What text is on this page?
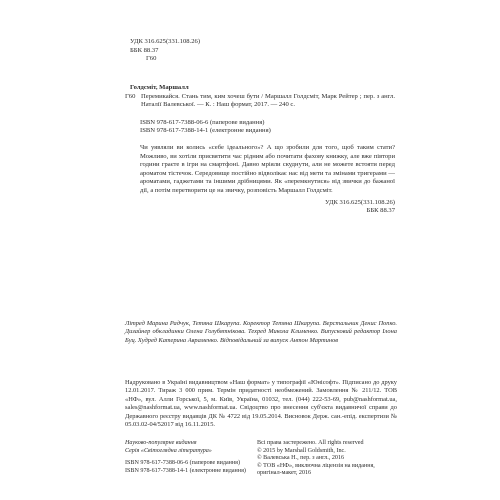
УДК 316.625(331.108.26)
ББК 88.37
Г60
Голдсміт, Маршалл
Г60 Перемикайся. Стань тим, ким хочеш бути / Маршалл Голдсміт, Марк Рейтер ; пер. з англ. Наталії Валевської. — К. : Наш формат, 2017. — 240 с.
ISBN 978-617-7388-06-6 (паперове видання)
ISBN 978-617-7388-14-1 (електронне видання)

Чи уявляли ви колись «себе ідеального»? А що зробили для того, щоб таким стати? Можливо, ви хотіли присвятити час рідним або почитати фахову книжку, але вже півтори години граєте в ігри на смартфоні. Давно мріяли скуднути, али не можете встояти перед ароматом тістечок. Середовище постійно відволікає нас від мети та змінами тригерами — ароматами, гаджетами та іншими дрібницями. Як «перемкнутися» від звички до бажаної дії, а потім перетворити це на звичку, розповість Маршалл Голдсміт.

УДК 316.625(331.108.26)
ББК 88.37
Літред Марина Радчук, Тетяна Шкарупа. Коректор Тетяна Шкарупа. Верстальник Денис Попко. Дизайнер обкладинки Олена Голубятнікова. Техред Микола Клименко. Випусковий редактор Ілона Буц. Худред Катерина Авраменко. Відповідальний за випуск Антон Мартинов
Надруковано в Україні видавництвом «Наш формат» у типографії «Юнісофт». Підписано до друку 12.01.2017. Тираж 3 000 прим. Термін придатності необмежений. Замовлення № 211/12. ТОВ «НФ», вул. Алли Горської, 5, м. Київ, Україна, 01032, тел. (044) 222-53-69, pub@nashformat.ua, sales@nashformat.ua, www.nashformat.ua. Свідоцтво про внесення суб'єкта видавничої справи до Державного реєстру видавців ДК № 4722 від 19.05.2014. Висновок Держ. сан.-епід. експертизи № 05.03.02-04/52017 від 16.11.2015.
Науково-популярне видання
Серія «Світоглядна література»
ISBN 978-617-7388-06-6 (паперове видання)
ISBN 978-617-7388-14-1 (електронне видання)
Всі права застережено. All rights reserved
© 2015 by Marshall Goldsmith, Inc.
© Валевська Н., пер. з англ., 2016
© ТОВ «НФ», виключна ліцензія на видання, оригінал-макет, 2016
